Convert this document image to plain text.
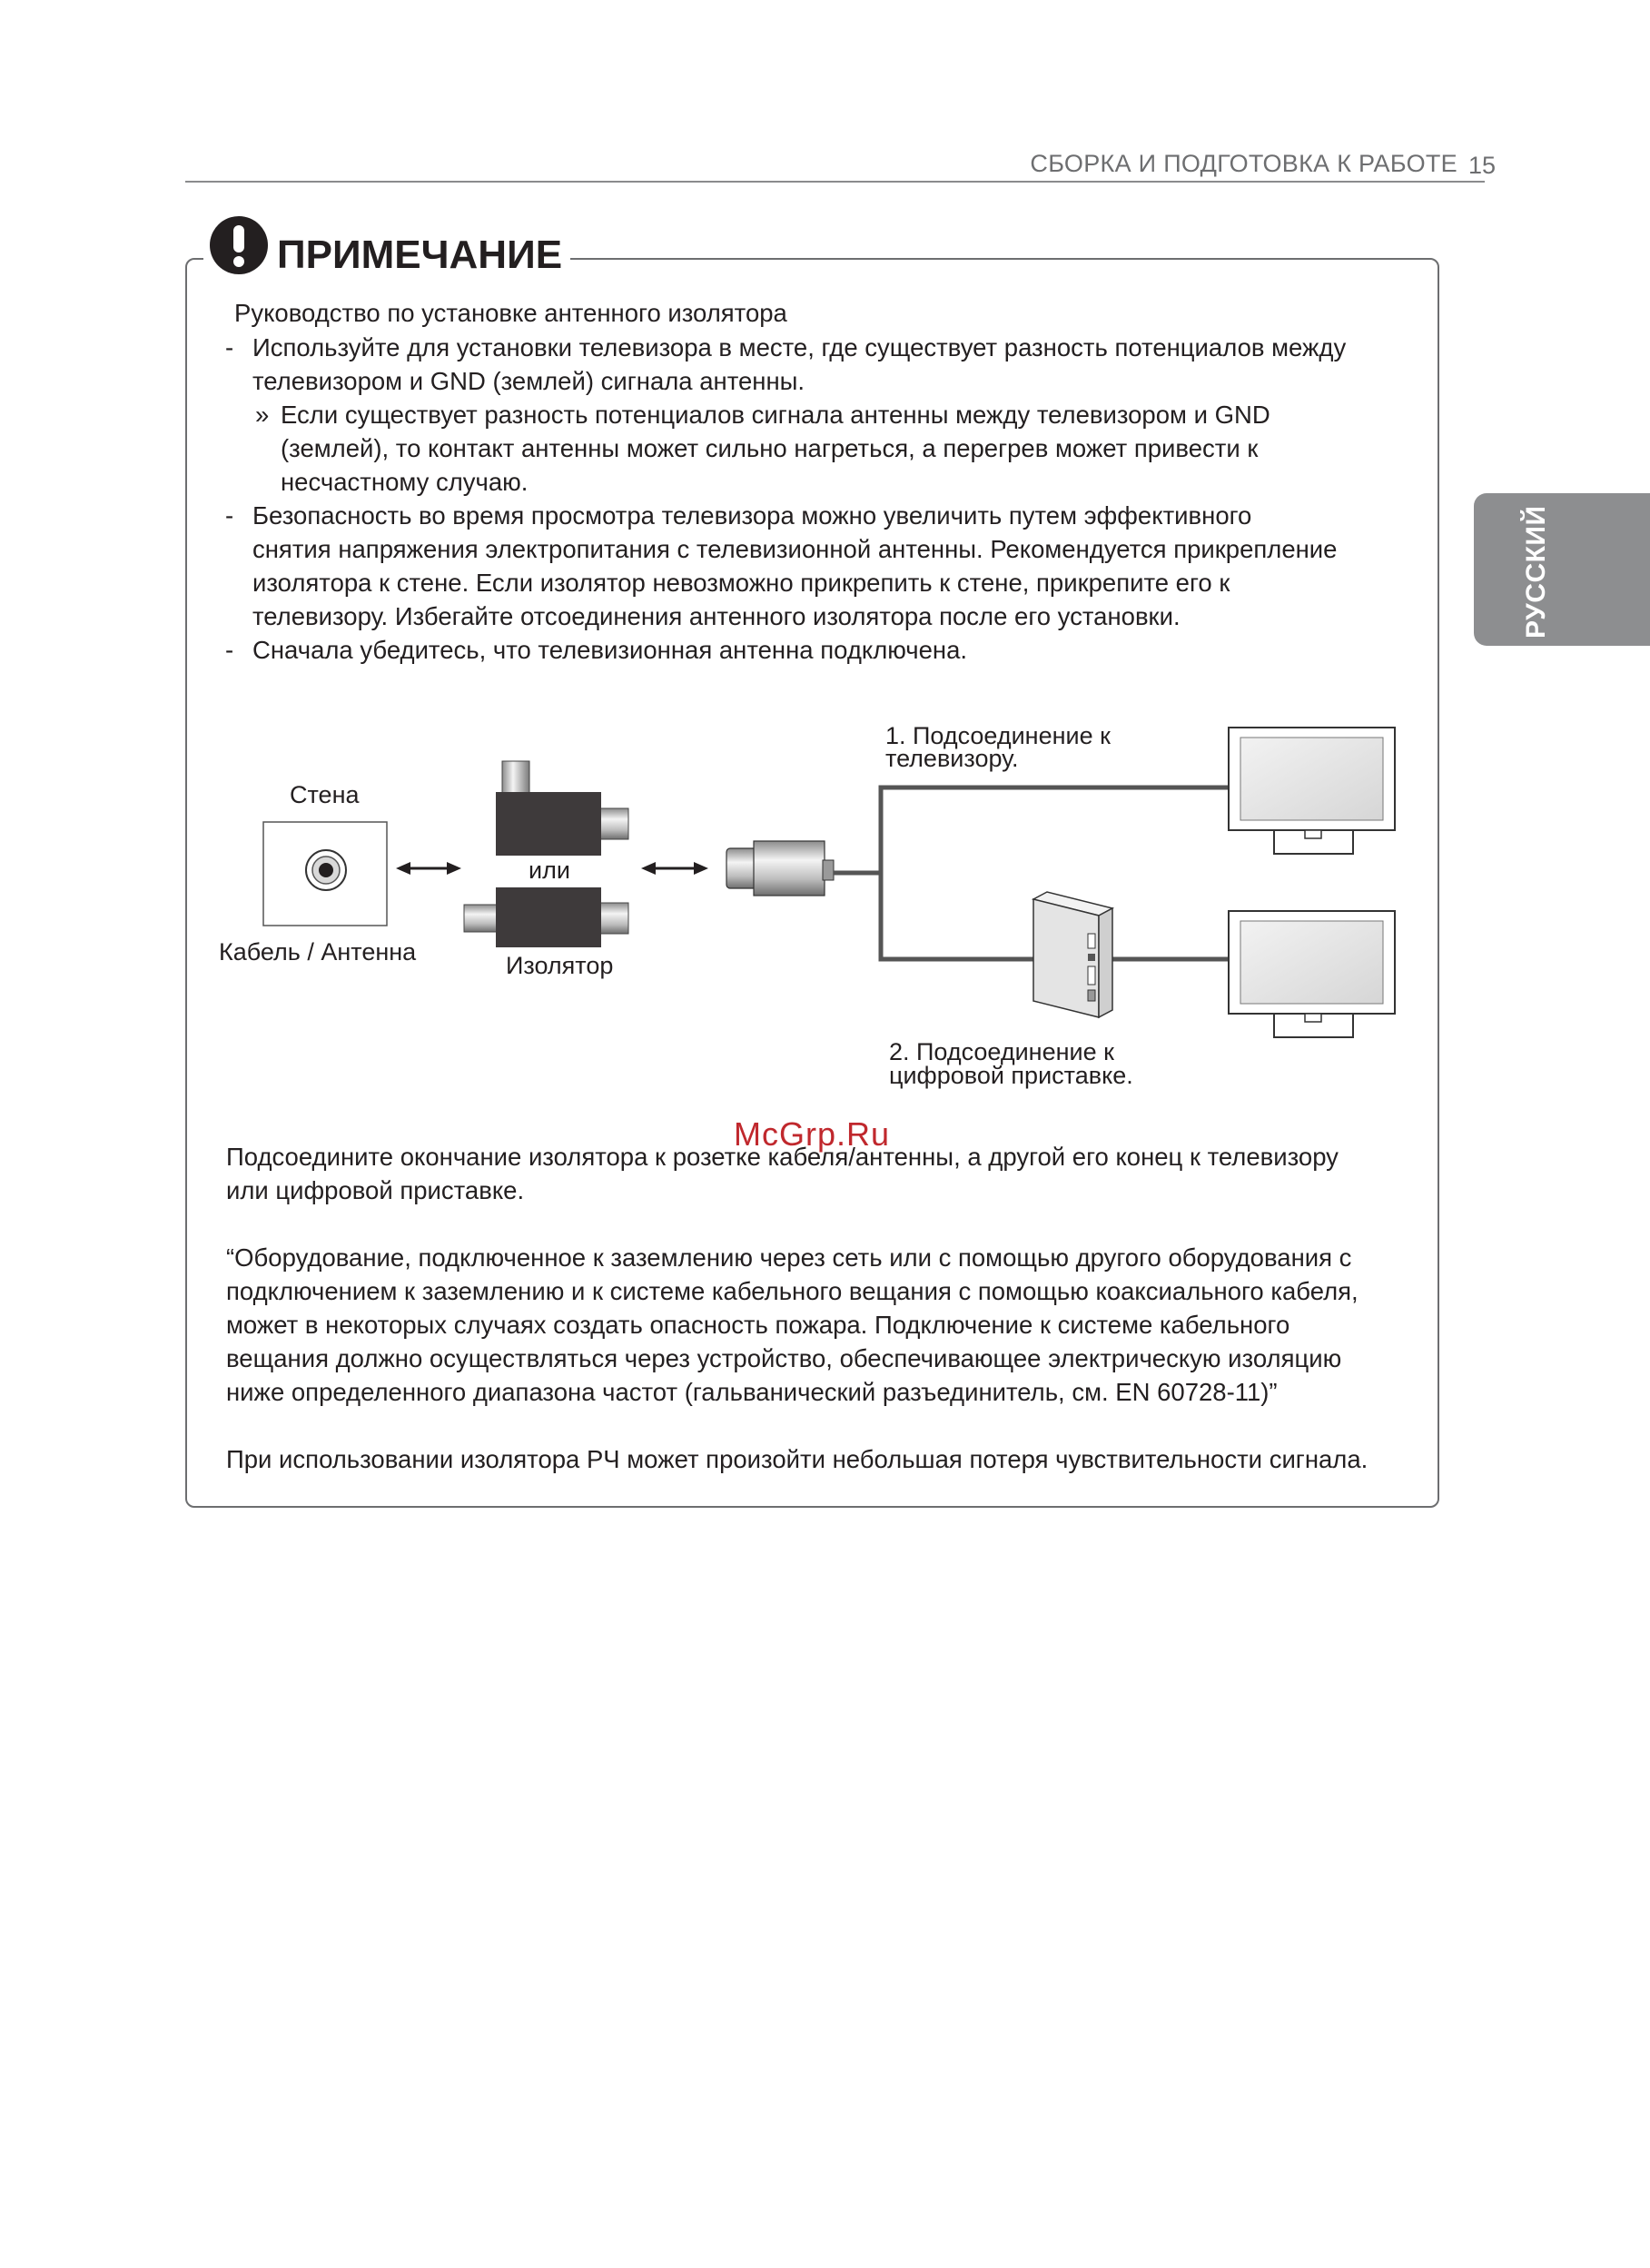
СБОРКА И ПОДГОТОВКА К РАБОТЕ 15
РУССКИЙ
ПРИМЕЧАНИЕ
Руководство по установке антенного изолятора
- Используйте для установки телевизора в месте, где существует разность потенциалов между
телевизором и GND (землей) сигнала антенны.
» Если существует разность потенциалов сигнала антенны между телевизором и GND
(землей), то контакт антенны может сильно нагреться, а перегрев может привести к
несчастному случаю.
- Безопасность во время просмотра телевизора можно увеличить путем эффективного
снятия напряжения электропитания с телевизионной антенны. Рекомендуется прикрепление
изолятора к стене. Если изолятор невозможно прикрепить к стене, прикрепите его к
телевизору. Избегайте отсоединения антенного изолятора после его установки.
- Сначала убедитесь, что телевизионная антенна подключена.
Стена
Кабель / Антенна
или
Изолятор
1. Подсоединение к
телевизору.
2. Подсоединение к
цифровой приставке.
Подсоедините окончание изолятора к розетке кабеля/антенны, а другой его конец к телевизору
или цифровой приставке.
“Оборудование, подключенное к заземлению через сеть или с помощью другого оборудования с
подключением к заземлению и к системе кабельного вещания с помощью коаксиального кабеля,
может в некоторых случаях создать опасность пожара. Подключение к системе кабельного
вещания должно осуществляться через устройство, обеспечивающее электрическую изоляцию
ниже определенного диапазона частот (гальванический разъединитель, см. EN 60728-11)”
При использовании изолятора РЧ может произойти небольшая потеря чувствительности сигнала.
McGrp.Ru
